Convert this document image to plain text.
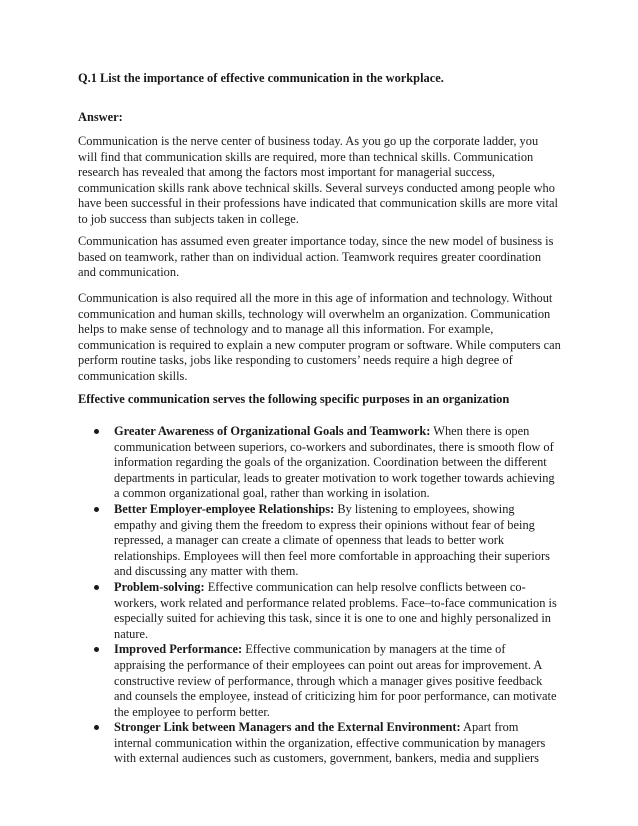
Q.1 List the importance of effective communication in the workplace.

Answer:

Communication is the nerve center of business today. As you go up the corporate ladder, you
will find that communication skills are required, more than technical skills. Communication
research has revealed that among the factors most important for managerial success,
communication skills rank above technical skills. Several surveys conducted among people who
have been successful in their professions have indicated that communication skills are more vital
to job success than subjects taken in college.

Communication has assumed even greater importance today, since the new model of business is
based on teamwork, rather than on individual action. Teamwork requires greater coordination
and communication.

Communication is also required all the more in this age of information and technology. Without
communication and human skills, technology will overwhelm an organization. Communication
helps to make sense of technology and to manage all this information. For example,
communication is required to explain a new computer program or software. While computers can
perform routine tasks, jobs like responding to customers’ needs require a high degree of
communication skills.

Effective communication serves the following specific purposes in an organization

Greater Awareness of Organizational Goals and Teamwork: When there is open
communication between superiors, co-workers and subordinates, there is smooth flow of
information regarding the goals of the organization. Coordination between the different
departments in particular, leads to greater motivation to work together towards achieving
a common organizational goal, rather than working in isolation.
Better Employer-employee Relationships: By listening to employees, showing
empathy and giving them the freedom to express their opinions without fear of being
repressed, a manager can create a climate of openness that leads to better work
relationships. Employees will then feel more comfortable in approaching their superiors
and discussing any matter with them.
Problem-solving: Effective communication can help resolve conflicts between co-
workers, work related and performance related problems. Face–to-face communication is
especially suited for achieving this task, since it is one to one and highly personalized in
nature.
Improved Performance: Effective communication by managers at the time of
appraising the performance of their employees can point out areas for improvement. A
constructive review of performance, through which a manager gives positive feedback
and counsels the employee, instead of criticizing him for poor performance, can motivate
the employee to perform better.
Stronger Link between Managers and the External Environment: Apart from
internal communication within the organization, effective communication by managers
with external audiences such as customers, government, bankers, media and suppliers
